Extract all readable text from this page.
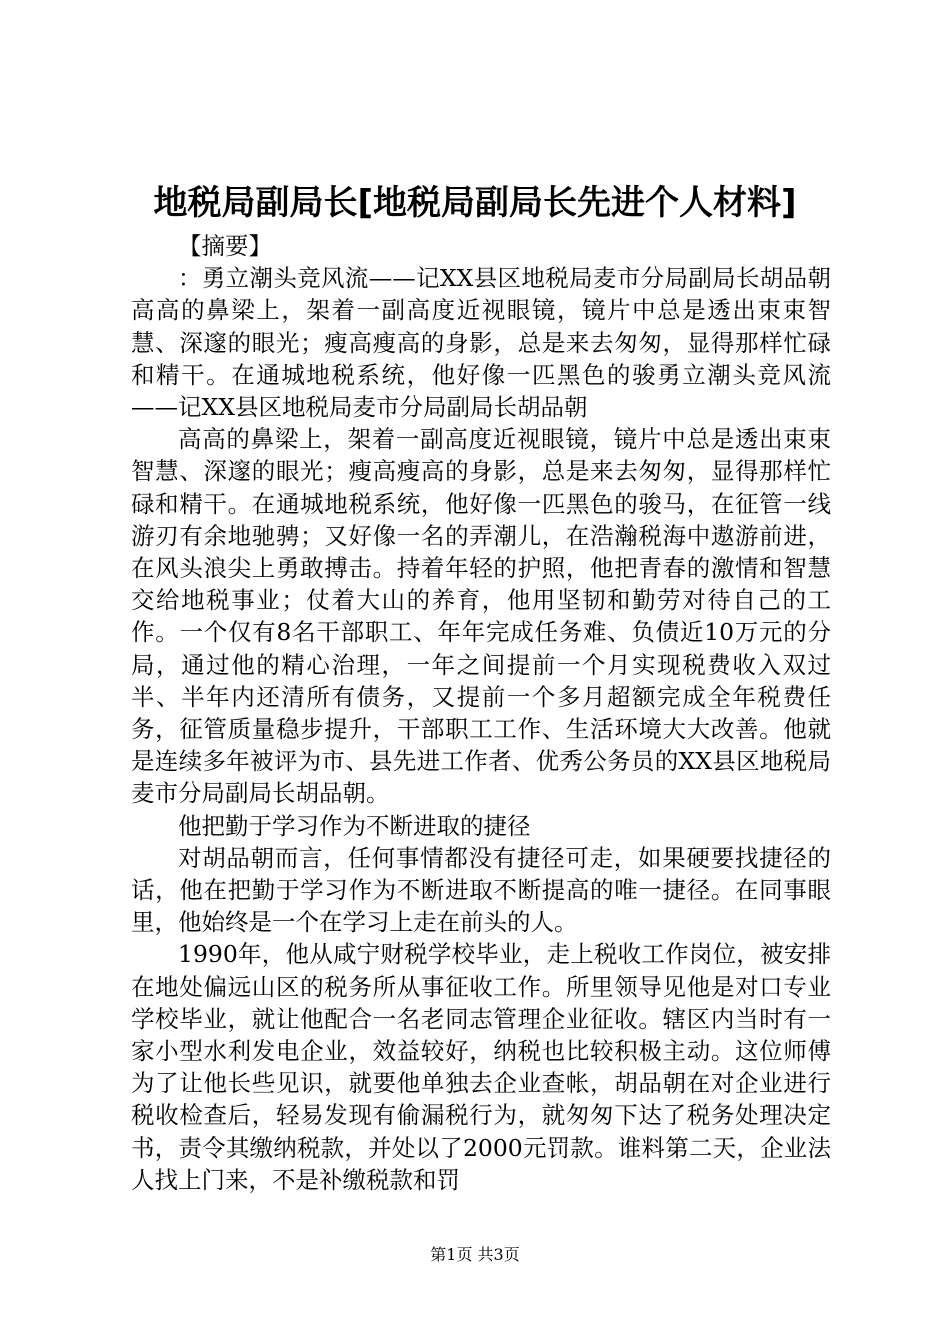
地税局副局长[地税局副局长先进个人材料]

【摘要】

：勇立潮头竞风流——记XX县区地税局麦市分局副局长胡品朝高高的鼻梁上，架着一副高度近视眼镜，镜片中总是透出束束智慧、深邃的眼光；瘦高瘦高的身影，总是来去匆匆，显得那样忙碌和精干。在通城地税系统，他好像一匹黑色的骏勇立潮头竞风流——记XX县区地税局麦市分局副局长胡品朝

高高的鼻梁上，架着一副高度近视眼镜，镜片中总是透出束束智慧、深邃的眼光；瘦高瘦高的身影，总是来去匆匆，显得那样忙碌和精干。在通城地税系统，他好像一匹黑色的骏马，在征管一线游刃有余地驰骋；又好像一名的弄潮儿，在浩瀚税海中遨游前进，在风头浪尖上勇敢搏击。持着年轻的护照，他把青春的激情和智慧交给地税事业；仗着大山的养育，他用坚韧和勤劳对待自己的工作。一个仅有8名干部职工、年年完成任务难、负债近10万元的分局，通过他的精心治理，一年之间提前一个月实现税费收入双过半、半年内还清所有债务，又提前一个多月超额完成全年税费任务，征管质量稳步提升，干部职工工作、生活环境大大改善。他就是连续多年被评为市、县先进工作者、优秀公务员的XX县区地税局麦市分局副局长胡品朝。

他把勤于学习作为不断进取的捷径

对胡品朝而言，任何事情都没有捷径可走，如果硬要找捷径的话，他在把勤于学习作为不断进取不断提高的唯一捷径。在同事眼里，他始终是一个在学习上走在前头的人。

1990年，他从咸宁财税学校毕业，走上税收工作岗位，被安排在地处偏远山区的税务所从事征收工作。所里领导见他是对口专业学校毕业，就让他配合一名老同志管理企业征收。辖区内当时有一家小型水利发电企业，效益较好，纳税也比较积极主动。这位师傅为了让他长些见识，就要他单独去企业查帐，胡品朝在对企业进行税收检查后，轻易发现有偷漏税行为，就匆匆下达了税务处理决定书，责令其缴纳税款，并处以了2000元罚款。谁料第二天，企业法人找上门来，不是补缴税款和罚

第1页 共3页
